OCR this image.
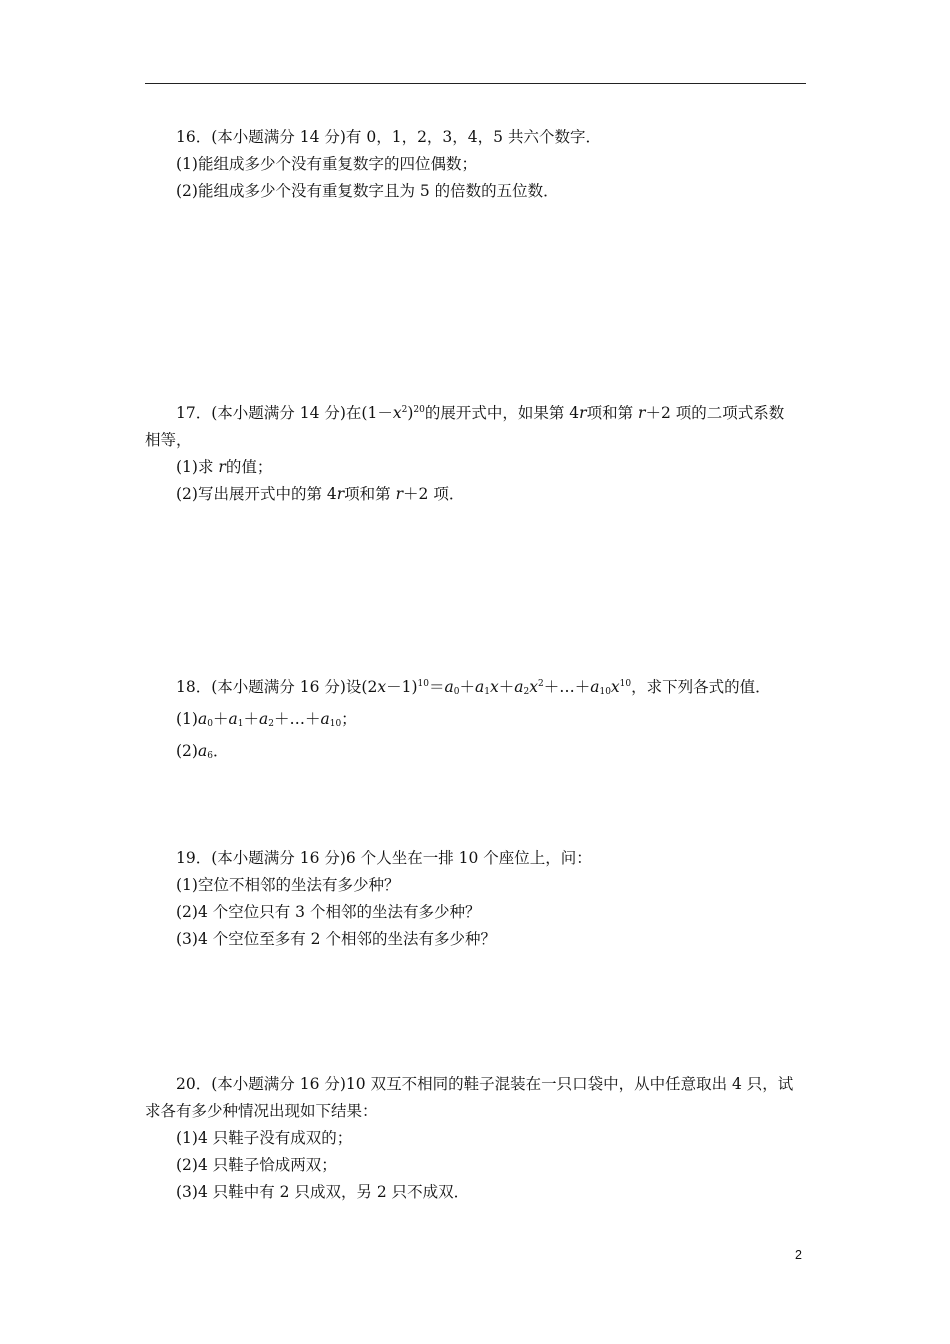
16．(本小题满分 14 分)有 0，1，2，3，4，5 共六个数字．
(1)能组成多少个没有重复数字的四位偶数；
(2)能组成多少个没有重复数字且为 5 的倍数的五位数．
17．(本小题满分 14 分)在$(1-x^2)^{20}$的展开式中，如果第 4r项和第 r＋2 项的二项式系数
相等，
(1)求 r的值；
(2)写出展开式中的第 4r项和第 r＋2 项．
18．(本小题满分 16 分)设$(2x-1)^{10}=a_0+a_1x+a_2x^2+\dots+a_{10}x^{10}$，求下列各式的值．
$(1)a_0+a_1+a_2+\dots+a_{10}$；
$(2)a_6$．
19．(本小题满分 16 分)6 个人坐在一排 10 个座位上，问：
(1)空位不相邻的坐法有多少种？
(2)4 个空位只有 3 个相邻的坐法有多少种？
(3)4 个空位至多有 2 个相邻的坐法有多少种？
20．(本小题满分 16 分)10 双互不相同的鞋子混装在一只口袋中，从中任意取出 4 只，试
求各有多少种情况出现如下结果：
(1)4 只鞋子没有成双的；
(2)4 只鞋子恰成两双；
(3)4 只鞋中有 2 只成双，另 2 只不成双．
2
